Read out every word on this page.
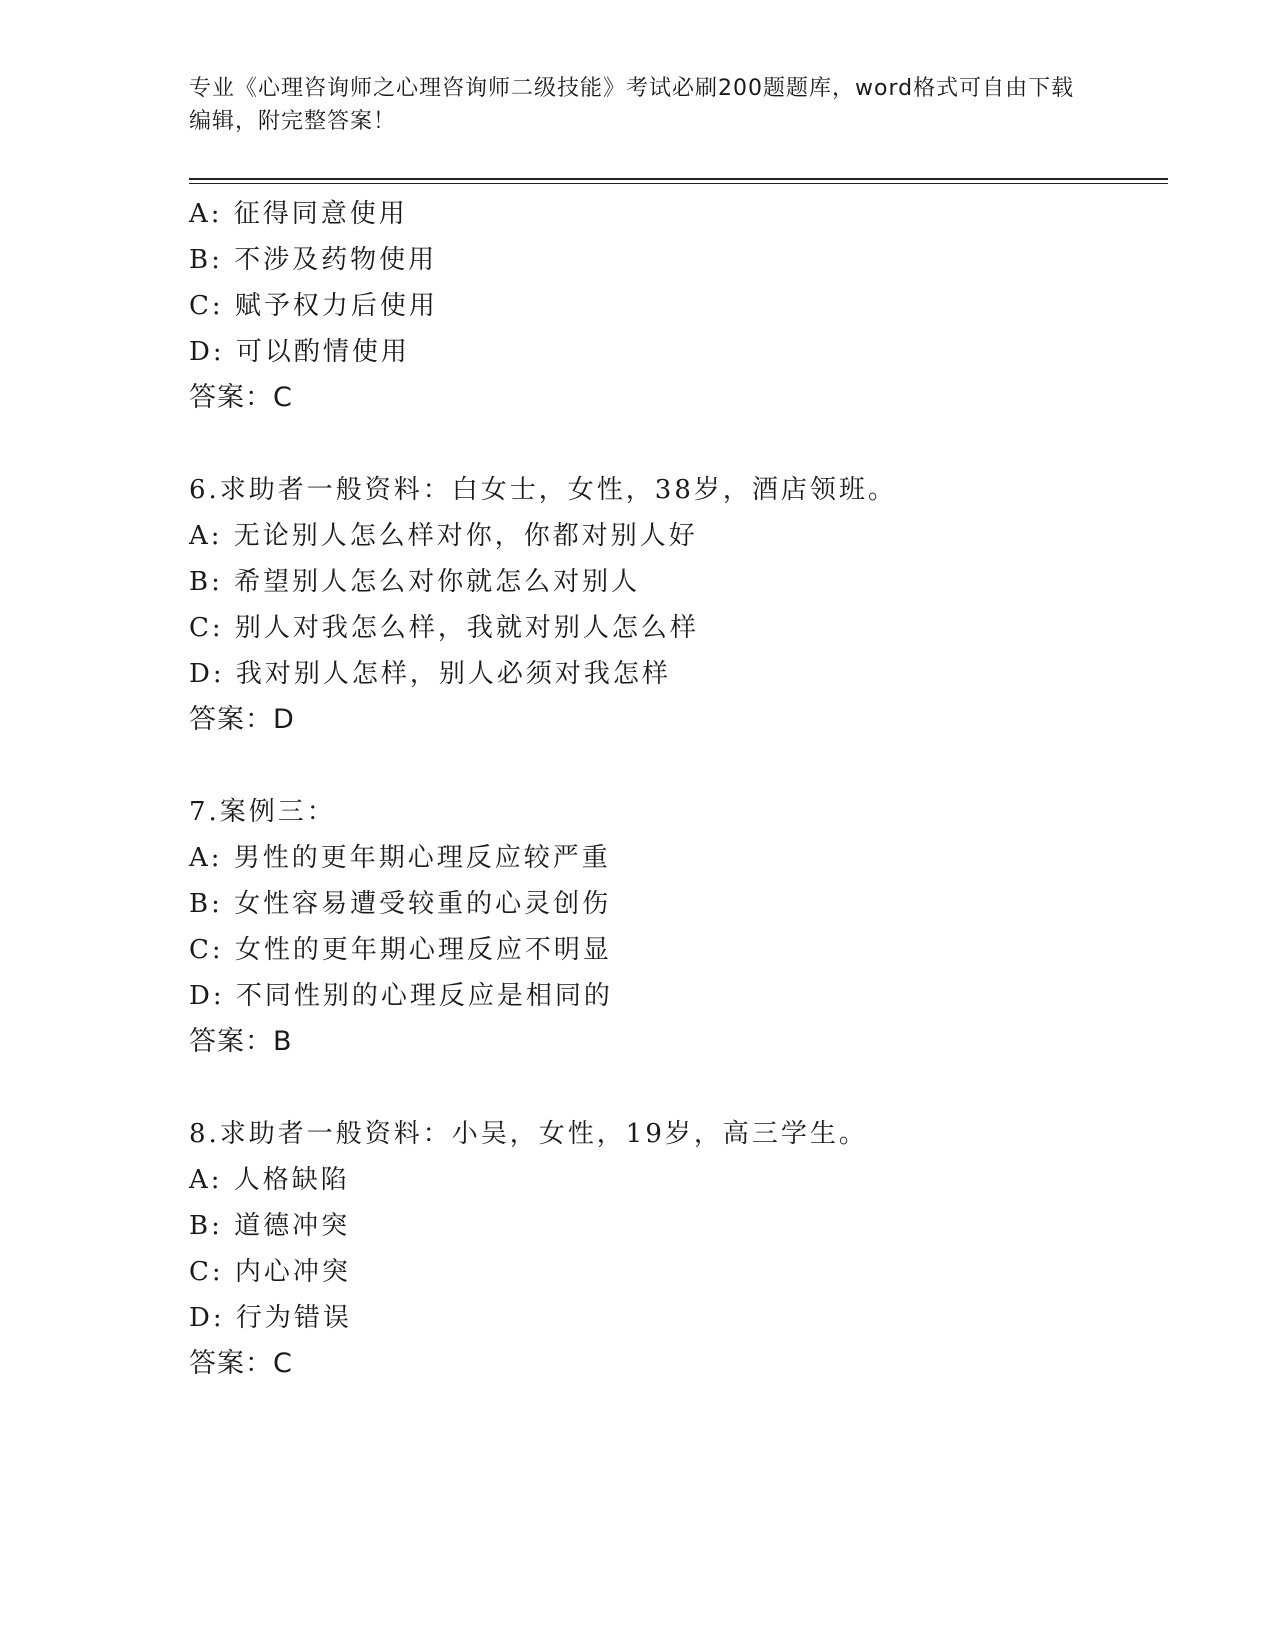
专业《心理咨询师之心理咨询师二级技能》考试必刷200题题库，word格式可自由下载编辑，附完整答案！
A: 征得同意使用
B: 不涉及药物使用
C: 赋予权力后使用
D: 可以酌情使用
答案：C
6.求助者一般资料：白女士，女性，38岁，酒店领班。
A: 无论别人怎么样对你，你都对别人好
B: 希望别人怎么对你就怎么对别人
C: 别人对我怎么样，我就对别人怎么样
D: 我对别人怎样，别人必须对我怎样
答案：D
7.案例三：
A: 男性的更年期心理反应较严重
B: 女性容易遭受较重的心灵创伤
C: 女性的更年期心理反应不明显
D: 不同性别的心理反应是相同的
答案：B
8.求助者一般资料：小吴，女性，19岁，高三学生。
A: 人格缺陷
B: 道德冲突
C: 内心冲突
D: 行为错误
答案：C
